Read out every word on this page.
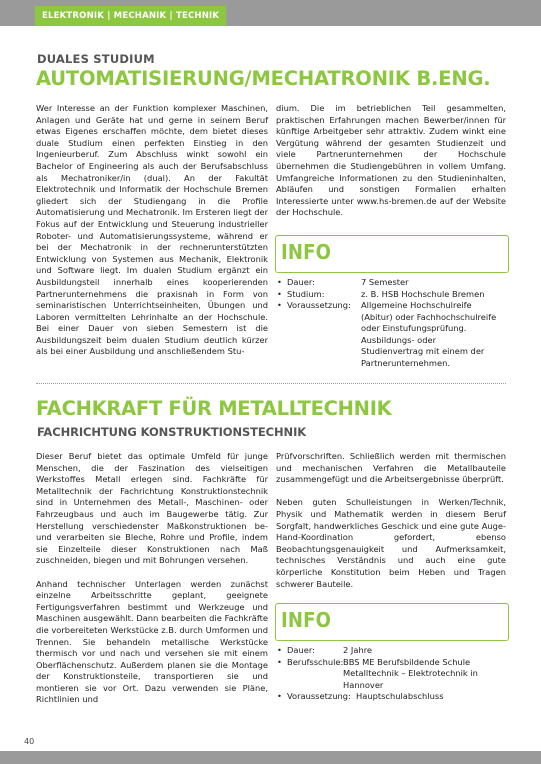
ELEKTRONIK | MECHANIK | TECHNIK
DUALES STUDIUM
AUTOMATISIERUNG/MECHATRONIK B.ENG.

Wer Interesse an der Funktion komplexer Maschinen, Anlagen und Geräte hat und gerne in seinem Beruf etwas Eigenes erschaffen möchte, dem bietet dieses duale Studium einen perfekten Einstieg in den Ingenieurberuf. Zum Abschluss winkt sowohl ein Bachelor of Engineering als auch der Berufsabschluss als Mechatroniker/in (dual). An der Fakultät Elektrotechnik und Informatik der Hochschule Bremen gliedert sich der Studiengang in die Profile Automatisierung und Mechatronik. Im Ersteren liegt der Fokus auf der Entwicklung und Steuerung industrieller Roboter- und Automatisierungssysteme, während er bei der Mechatronik in der rechnerunterstützten Entwicklung von Systemen aus Mechanik, Elektronik und Software liegt. Im dualen Studium ergänzt ein Ausbildungsteil innerhalb eines kooperierenden Partnerunternehmens die praxisnah in Form von seminaristischen Unterrichtseinheiten, Übungen und Laboren vermittelten Lehrinhalte an der Hochschule. Bei einer Dauer von sieben Semestern ist die Ausbildungszeit beim dualen Studium deutlich kürzer als bei einer Ausbildung und anschließendem Stu-

dium. Die im betrieblichen Teil gesammelten, praktischen Erfahrungen machen Bewerber/innen für künftige Arbeitgeber sehr attraktiv. Zudem winkt eine Vergütung während der gesamten Studienzeit und viele Partnerunternehmen der Hochschule übernehmen die Studiengebühren in vollem Umfang. Umfangreiche Informationen zu den Studieninhalten, Abläufen und sonstigen Formalien erhalten Interessierte unter www.hs-bremen.de auf der Website der Hochschule.

INFO
• Dauer:	7 Semester
• Studium:	z. B. HSB Hochschule Bremen
• Voraussetzung:	Allgemeine Hochschulreife (Abitur) oder Fachhochschulreife oder Einstufungsprüfung. Ausbildungs- oder Studienvertrag mit einem der Partnerunternehmen.
FACHKRAFT FÜR METALLTECHNIK
FACHRICHTUNG KONSTRUKTIONSTECHNIK

Dieser Beruf bietet das optimale Umfeld für junge Menschen, die der Faszination des vielseitigen Werkstoffes Metall erlegen sind. Fachkräfte für Metalltechnik der Fachrichtung Konstruktionstechnik sind in Unternehmen des Metall-, Maschinen- oder Fahrzeugbaus und auch im Baugewerbe tätig. Zur Herstellung verschiedenster Maßkonstruktionen be- und verarbeiten sie Bleche, Rohre und Profile, indem sie Einzelteile dieser Konstruktionen nach Maß zuschneiden, biegen und mit Bohrungen versehen.

Anhand technischer Unterlagen werden zunächst einzelne Arbeitsschritte geplant, geeignete Fertigungsverfahren bestimmt und Werkzeuge und Maschinen ausgewählt. Dann bearbeiten die Fachkräfte die vorbereiteten Werkstücke z.B. durch Umformen und Trennen. Sie behandeln metallische Werkstücke thermisch vor und nach und versehen sie mit einem Oberflächenschutz. Außerdem planen sie die Montage der Konstruktionsteile, transportieren sie und montieren sie vor Ort. Dazu verwenden sie Pläne, Richtlinien und

Prüfvorschriften. Schließlich werden mit thermischen und mechanischen Verfahren die Metallbauteile zusammengefügt und die Arbeitsergebnisse überprüft.

Neben guten Schulleistungen in Werken/Technik, Physik und Mathematik werden in diesem Beruf Sorgfalt, handwerkliches Geschick und eine gute Auge-Hand-Koordination gefordert, ebenso Beobachtungsgenauigkeit und Aufmerksamkeit, technisches Verständnis und auch eine gute körperliche Konstitution beim Heben und Tragen schwerer Bauteile.

INFO
• Dauer:	2 Jahre
• Berufsschule: BBS ME Berufsbildende Schule Metalltechnik – Elektrotechnik in Hannover
• Voraussetzung: Hauptschulabschluss
40
